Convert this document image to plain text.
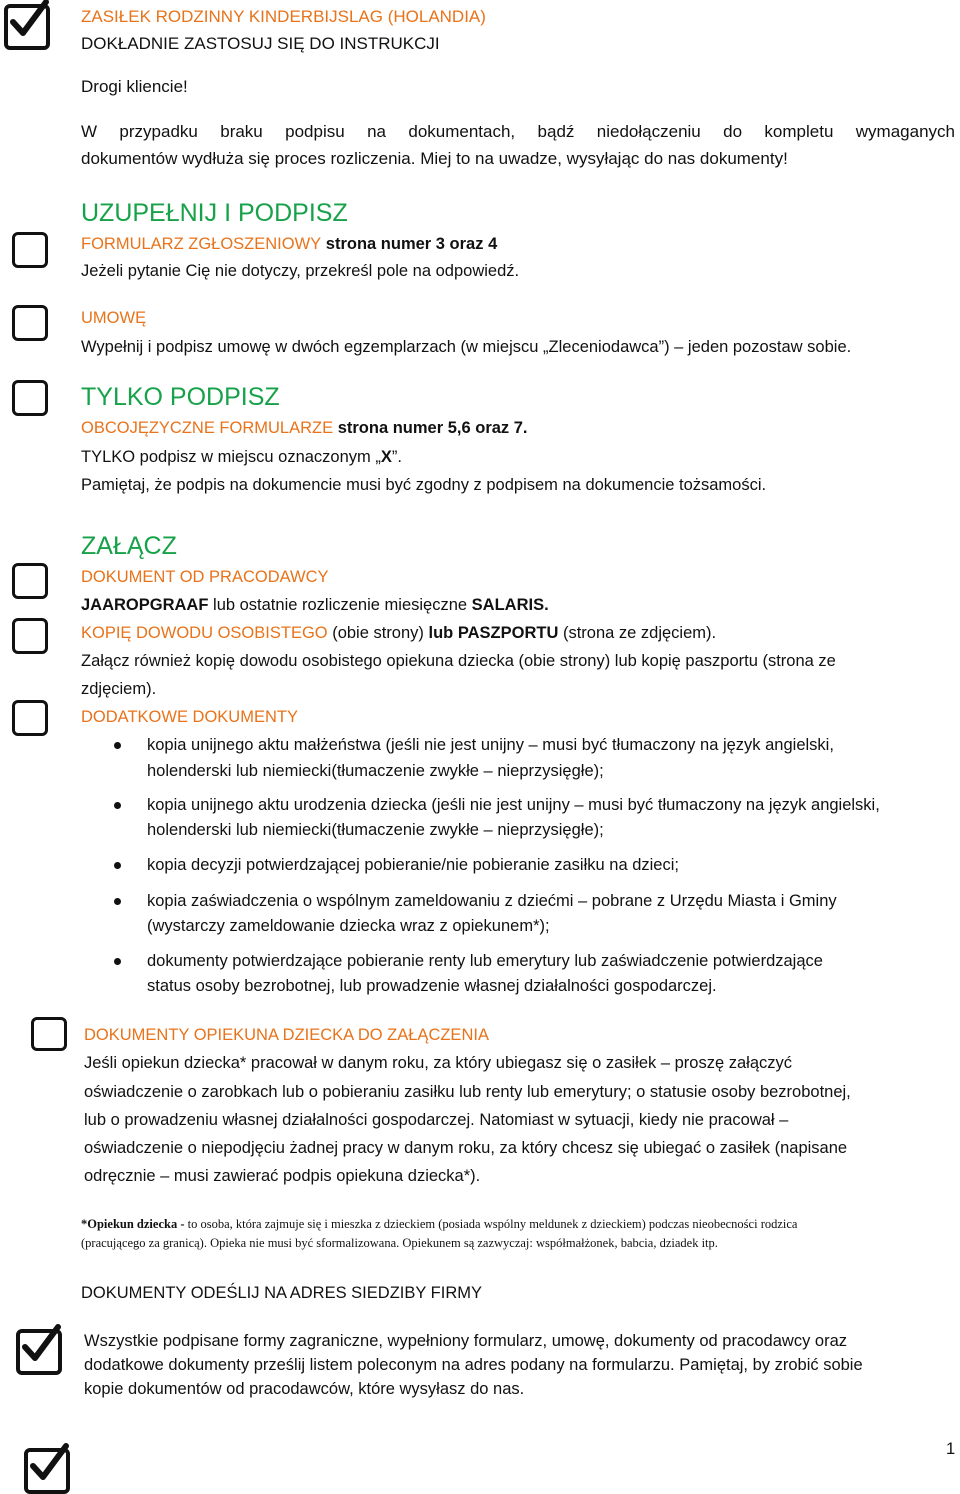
ZASIŁEK RODZINNY KINDERBIJSLAG (HOLANDIA)
DOKŁADNIE ZASTOSUJ SIĘ DO INSTRUKCJI
Drogi kliencie!
W przypadku braku podpisu na dokumentach, bądź niedołączeniu do kompletu wymaganych
dokumentów wydłuża się proces rozliczenia. Miej to na uwadze, wysyłając do nas dokumenty!
UZUPEŁNIJ I PODPISZ
FORMULARZ ZGŁOSZENIOWY strona numer 3 oraz 4
Jeżeli pytanie Cię nie dotyczy, przekreśl pole na odpowiedź.
UMOWĘ
Wypełnij i podpisz umowę w dwóch egzemplarzach (w miejscu „Zleceniodawca”) – jeden pozostaw sobie.
TYLKO PODPISZ
OBCOJĘZYCZNE FORMULARZE strona numer 5,6 oraz 7.
TYLKO podpisz w miejscu oznaczonym „X”.
Pamiętaj, że podpis na dokumencie musi być zgodny z podpisem na dokumencie tożsamości.
ZAŁĄCZ
DOKUMENT OD PRACODAWCY
JAAROPGRAAF lub ostatnie rozliczenie miesięczne SALARIS.
KOPIĘ DOWODU OSOBISTEGO (obie strony) lub PASZPORTU (strona ze zdjęciem).
Załącz również kopię dowodu osobistego opiekuna dziecka (obie strony) lub kopię paszportu (strona ze
zdjęciem).
DODATKOWE DOKUMENTY
kopia unijnego aktu małżeństwa (jeśli nie jest unijny – musi być tłumaczony na język angielski,
holenderski lub niemiecki(tłumaczenie zwykłe – nieprzysięgłe);
kopia unijnego aktu urodzenia dziecka (jeśli nie jest unijny – musi być tłumaczony na język angielski,
holenderski lub niemiecki(tłumaczenie zwykłe – nieprzysięgłe);
kopia decyzji potwierdzającej pobieranie/nie pobieranie zasiłku na dzieci;
kopia zaświadczenia o wspólnym zameldowaniu z dziećmi – pobrane z Urzędu Miasta i Gminy
(wystarczy zameldowanie dziecka wraz z opiekunem*);
dokumenty potwierdzające pobieranie renty lub emerytury lub zaświadczenie potwierdzające
status osoby bezrobotnej, lub prowadzenie własnej działalności gospodarczej.
DOKUMENTY OPIEKUNA DZIECKA DO ZAŁĄCZENIA
Jeśli opiekun dziecka* pracował w danym roku, za który ubiegasz się o zasiłek – proszę załączyć
oświadczenie o zarobkach lub o pobieraniu zasiłku lub renty lub emerytury; o statusie osoby bezrobotnej,
lub o prowadzeniu własnej działalności gospodarczej. Natomiast w sytuacji, kiedy nie pracował –
oświadczenie o niepodjęciu żadnej pracy w danym roku, za który chcesz się ubiegać o zasiłek (napisane
odręcznie – musi zawierać podpis opiekuna dziecka*).
*Opiekun dziecka - to osoba, która zajmuje się i mieszka z dzieckiem (posiada wspólny meldunek z dzieckiem) podczas nieobecności rodzica
(pracującego za granicą). Opieka nie musi być sformalizowana. Opiekunem są zazwyczaj: współmałżonek, babcia, dziadek itp.
DOKUMENTY ODEŚLIJ NA ADRES SIEDZIBY FIRMY
Wszystkie podpisane formy zagraniczne, wypełniony formularz, umowę, dokumenty od pracodawcy oraz
dodatkowe dokumenty prześlij listem poleconym na adres podany na formularzu. Pamiętaj, by zrobić sobie
kopie dokumentów od pracodawców, które wysyłasz do nas.
1
